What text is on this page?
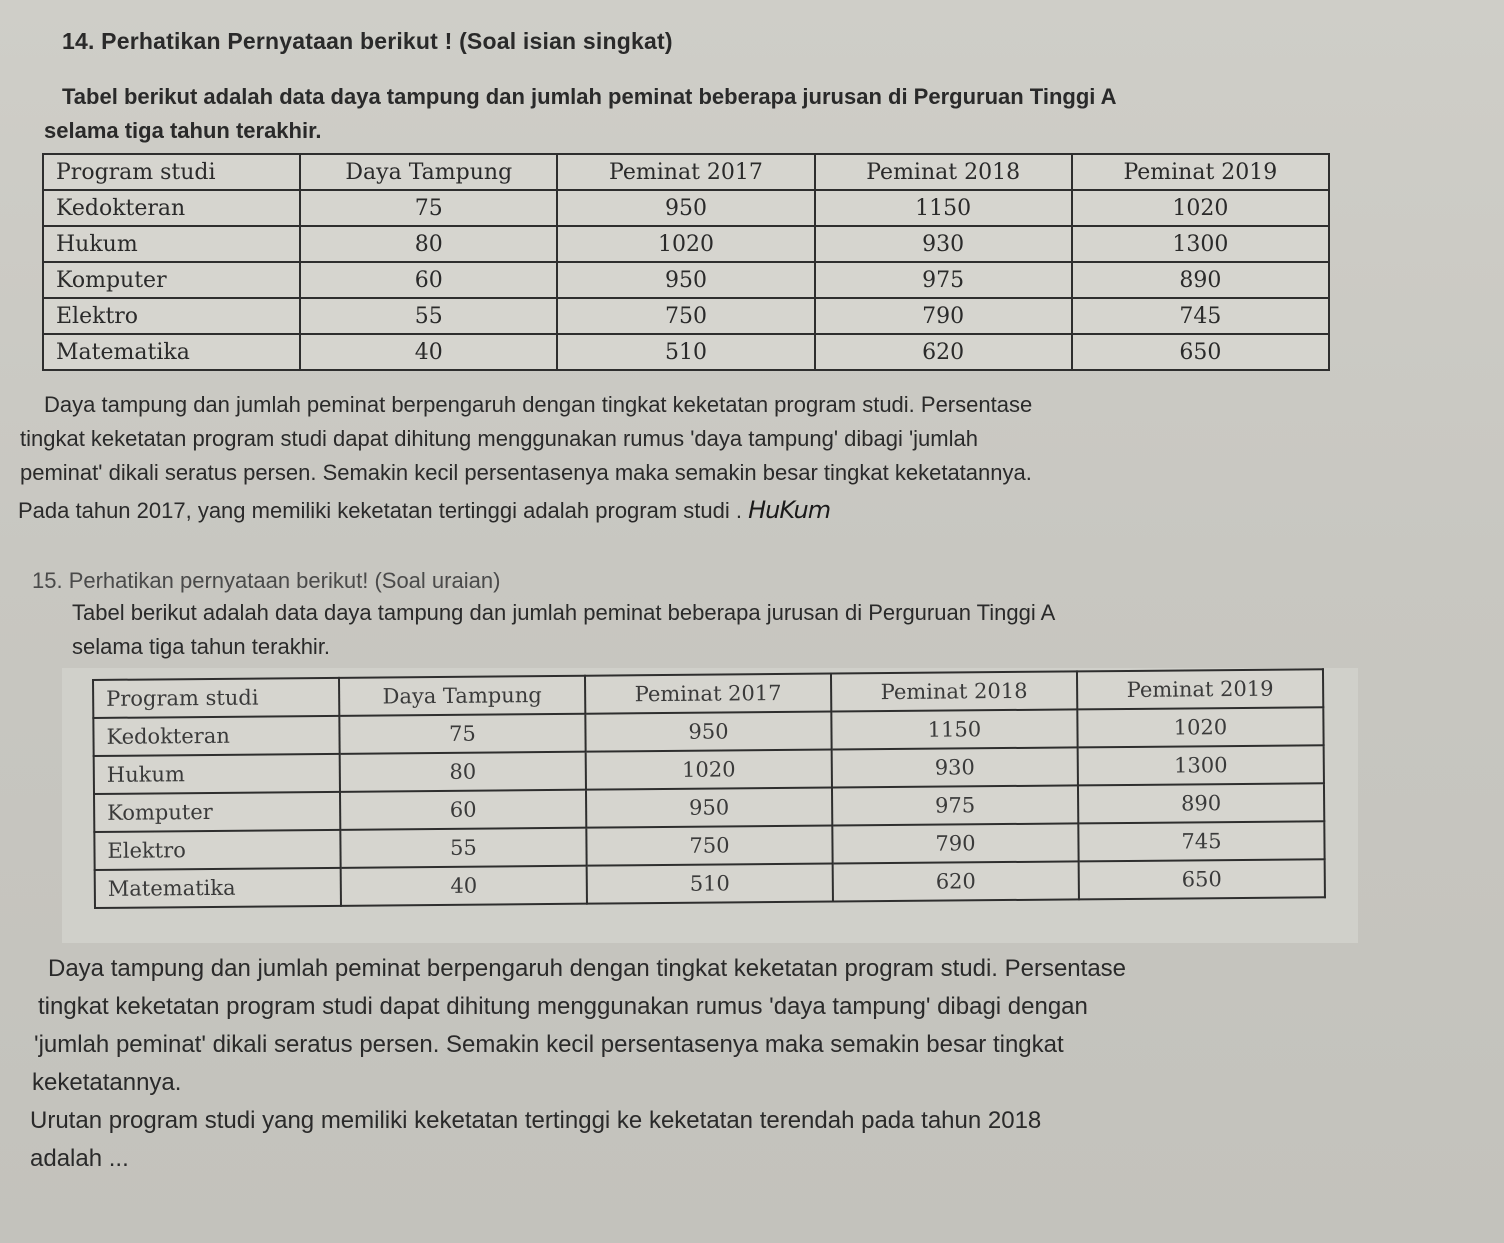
14. Perhatikan Pernyataan berikut ! (Soal isian singkat)
Tabel berikut adalah data daya tampung dan jumlah peminat beberapa jurusan di Perguruan Tinggi A
selama tiga tahun terakhir.
Program studi	Daya Tampung	Peminat 2017	Peminat 2018	Peminat 2019
Kedokteran	75	950	1150	1020
Hukum	80	1020	930	1300
Komputer	60	950	975	890
Elektro	55	750	790	745
Matematika	40	510	620	650
Daya tampung dan jumlah peminat berpengaruh dengan tingkat keketatan program studi. Persentase
tingkat keketatan program studi dapat dihitung menggunakan rumus 'daya tampung' dibagi 'jumlah
peminat' dikali seratus persen. Semakin kecil persentasenya maka semakin besar tingkat keketatannya.
Pada tahun 2017, yang memiliki keketatan tertinggi adalah program studi . HuKum
15. Perhatikan pernyataan berikut! (Soal uraian)
Tabel berikut adalah data daya tampung dan jumlah peminat beberapa jurusan di Perguruan Tinggi A
selama tiga tahun terakhir.
Program studi	Daya Tampung	Peminat 2017	Peminat 2018	Peminat 2019
Kedokteran	75	950	1150	1020
Hukum	80	1020	930	1300
Komputer	60	950	975	890
Elektro	55	750	790	745
Matematika	40	510	620	650
Daya tampung dan jumlah peminat berpengaruh dengan tingkat keketatan program studi. Persentase
tingkat keketatan program studi dapat dihitung menggunakan rumus 'daya tampung' dibagi dengan
'jumlah peminat' dikali seratus persen. Semakin kecil persentasenya maka semakin besar tingkat
keketatannya.
Urutan program studi yang memiliki keketatan tertinggi ke keketatan terendah pada tahun 2018
adalah ...
